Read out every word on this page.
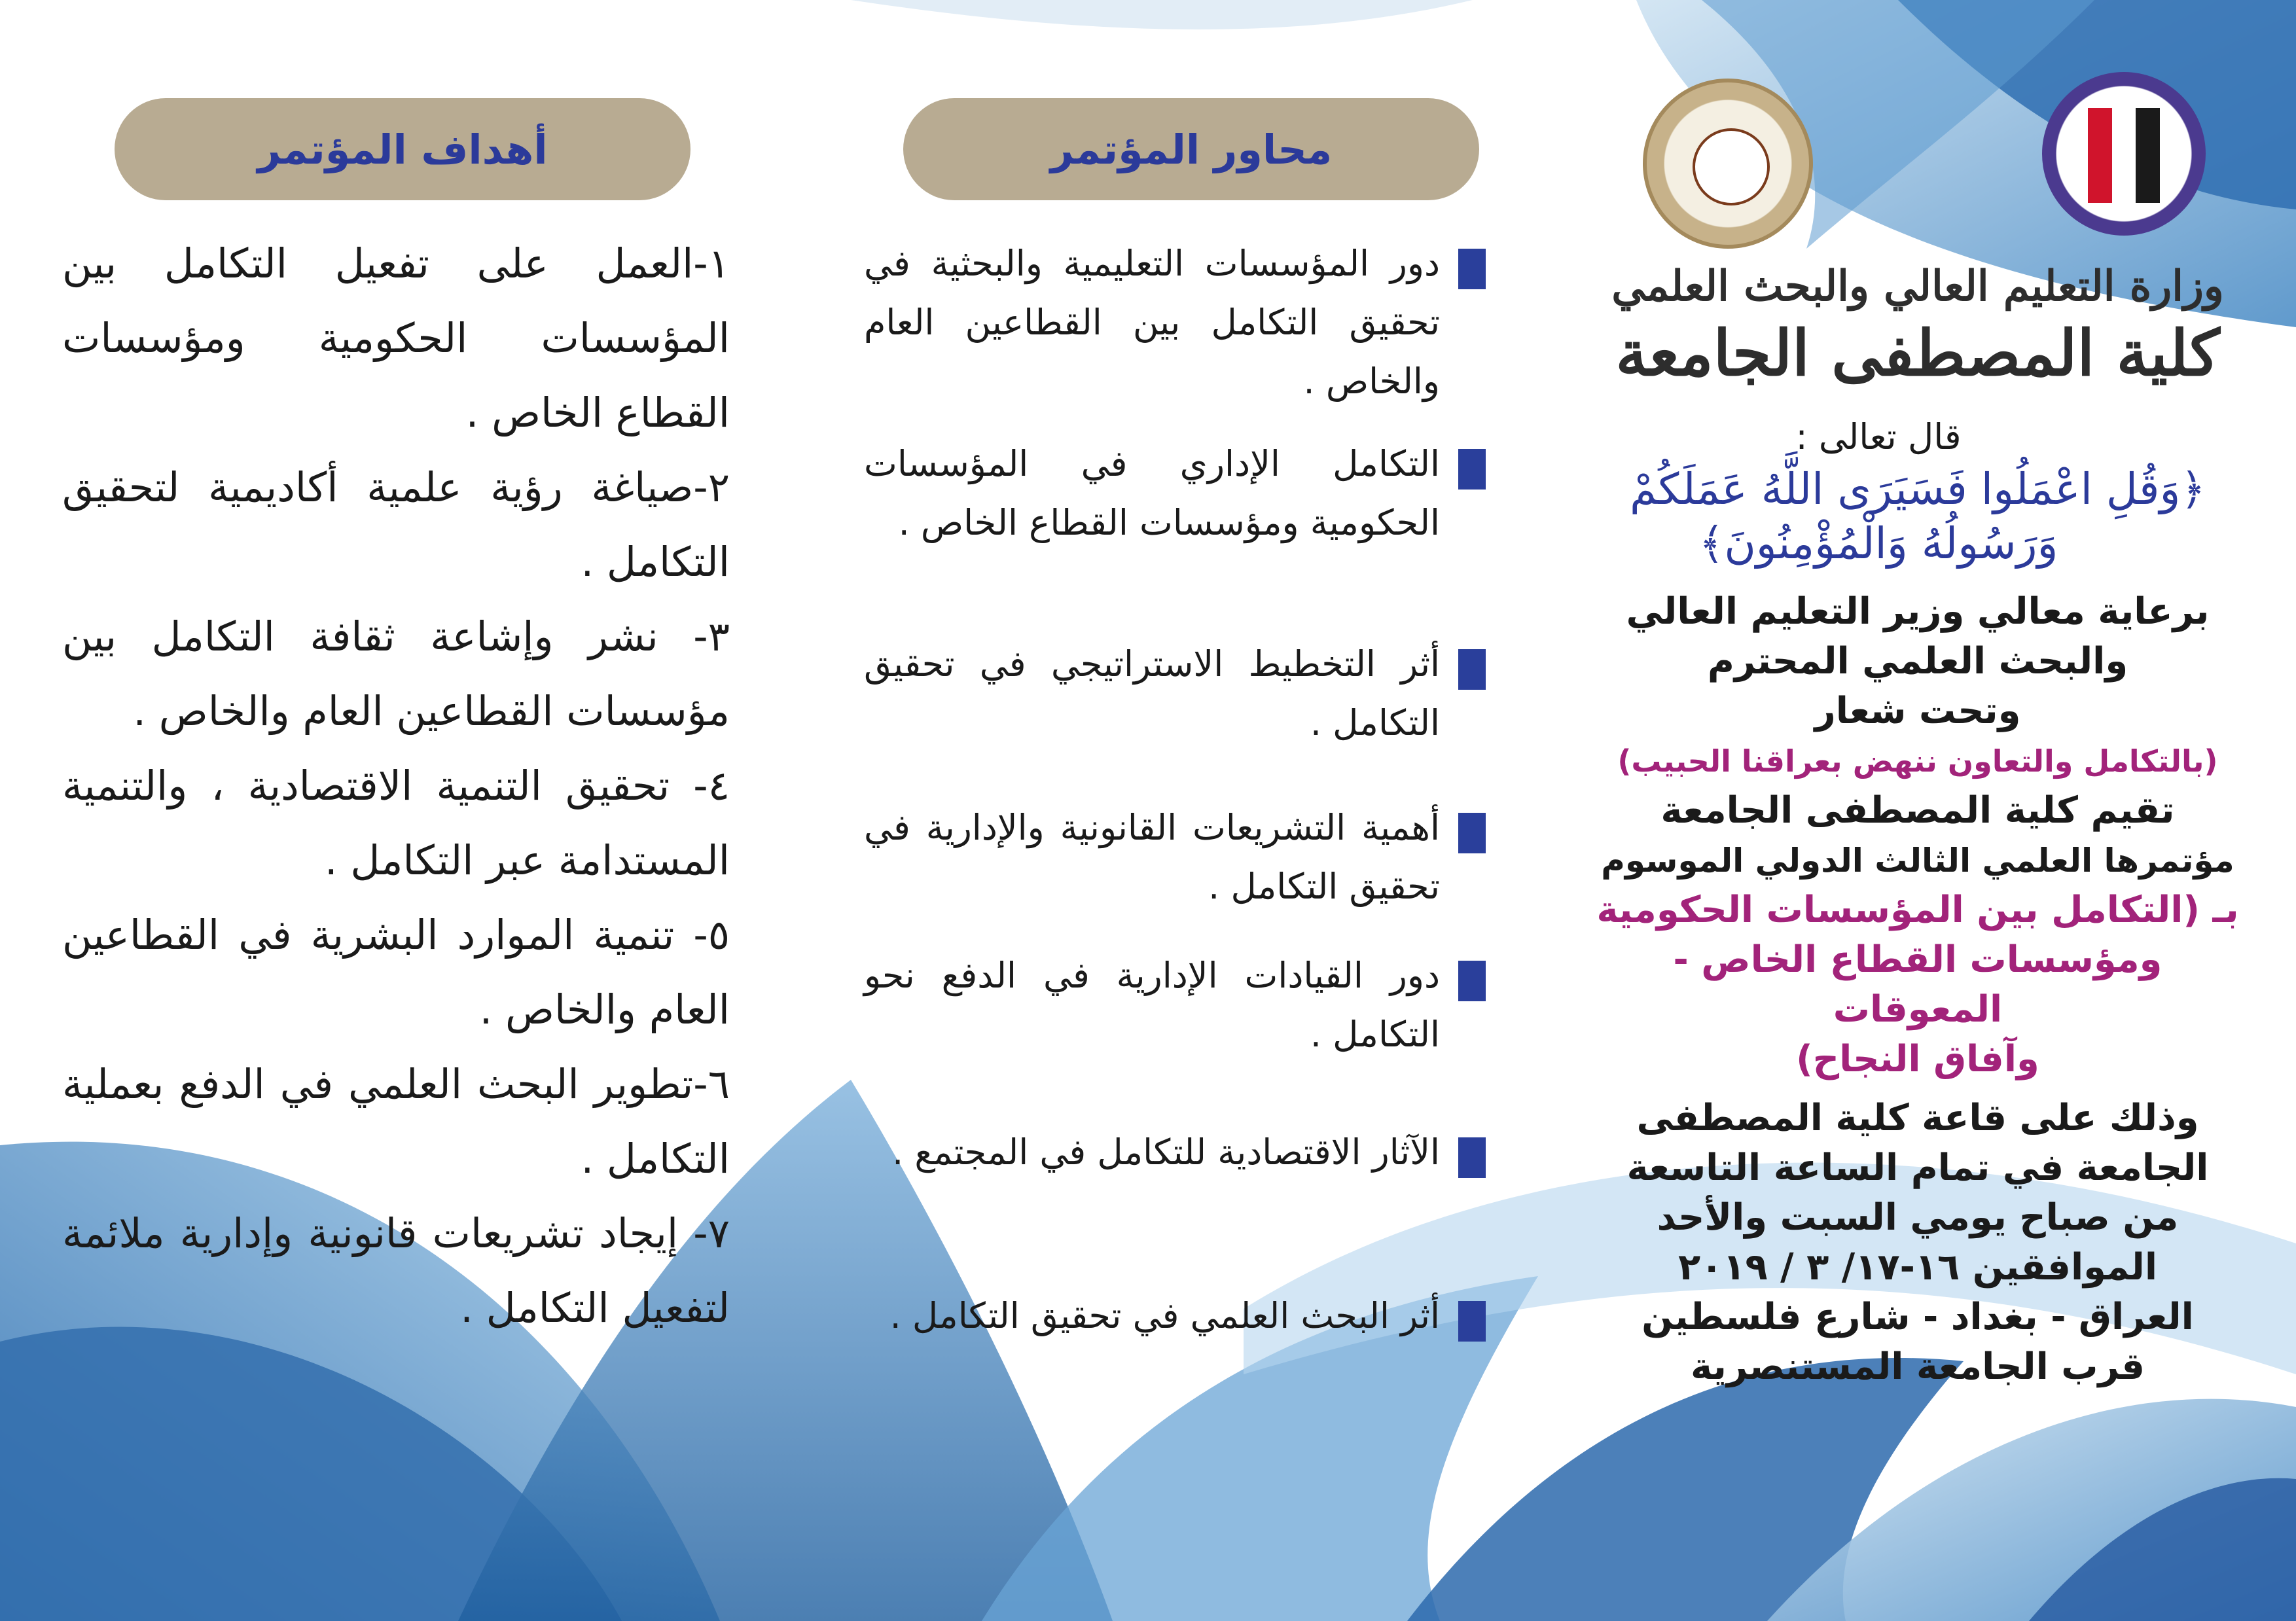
أهداف المؤتمر
١-العمل على تفعيل التكامل بين المؤسسات الحكومية ومؤسسات القطاع الخاص .
٢-صياغة رؤية علمية أكاديمية لتحقيق التكامل .
٣- نشر وإشاعة ثقافة التكامل بين مؤسسات القطاعين العام والخاص .
٤- تحقيق التنمية الاقتصادية ، والتنمية المستدامة عبر التكامل .
٥- تنمية الموارد البشرية في القطاعين العام والخاص .
٦-تطوير البحث العلمي في الدفع بعملية التكامل .
٧- إيجاد تشريعات قانونية وإدارية ملائمة لتفعيل التكامل .
محاور المؤتمر
دور المؤسسات التعليمية والبحثية في تحقيق التكامل بين القطاعين العام والخاص .
التكامل الإداري في المؤسسات الحكومية ومؤسسات القطاع الخاص .
أثر التخطيط الاستراتيجي في تحقيق التكامل .
أهمية التشريعات القانونية والإدارية في تحقيق التكامل .
دور القيادات الإدارية في الدفع نحو التكامل .
الآثار الاقتصادية للتكامل في المجتمع .
أثر البحث العلمي في تحقيق التكامل .
وزارة التعليم العالي والبحث العلمي
كلية المصطفى الجامعة
قال تعالى :
﴿وَقُلِ اعْمَلُوا فَسَيَرَى اللَّهُ عَمَلَكُمْ
وَرَسُولُهُ وَالْمُؤْمِنُونَ﴾
برعاية معالي وزير التعليم العالي
والبحث العلمي المحترم
وتحت شعار
(بالتكامل والتعاون ننهض بعراقنا الحبيب)
تقيم كلية المصطفى الجامعة
مؤتمرها العلمي الثالث الدولي الموسوم
بـ (التكامل بين المؤسسات الحكومية
ومؤسسات القطاع الخاص - المعوقات
وآفاق النجاح)
وذلك على قاعة كلية المصطفى
الجامعة في تمام الساعة التاسعة
من صباح يومي السبت والأحد
الموافقين ١٦-١٧/ ٣ / ٢٠١٩
العراق - بغداد - شارع فلسطين
قرب الجامعة المستنصرية
